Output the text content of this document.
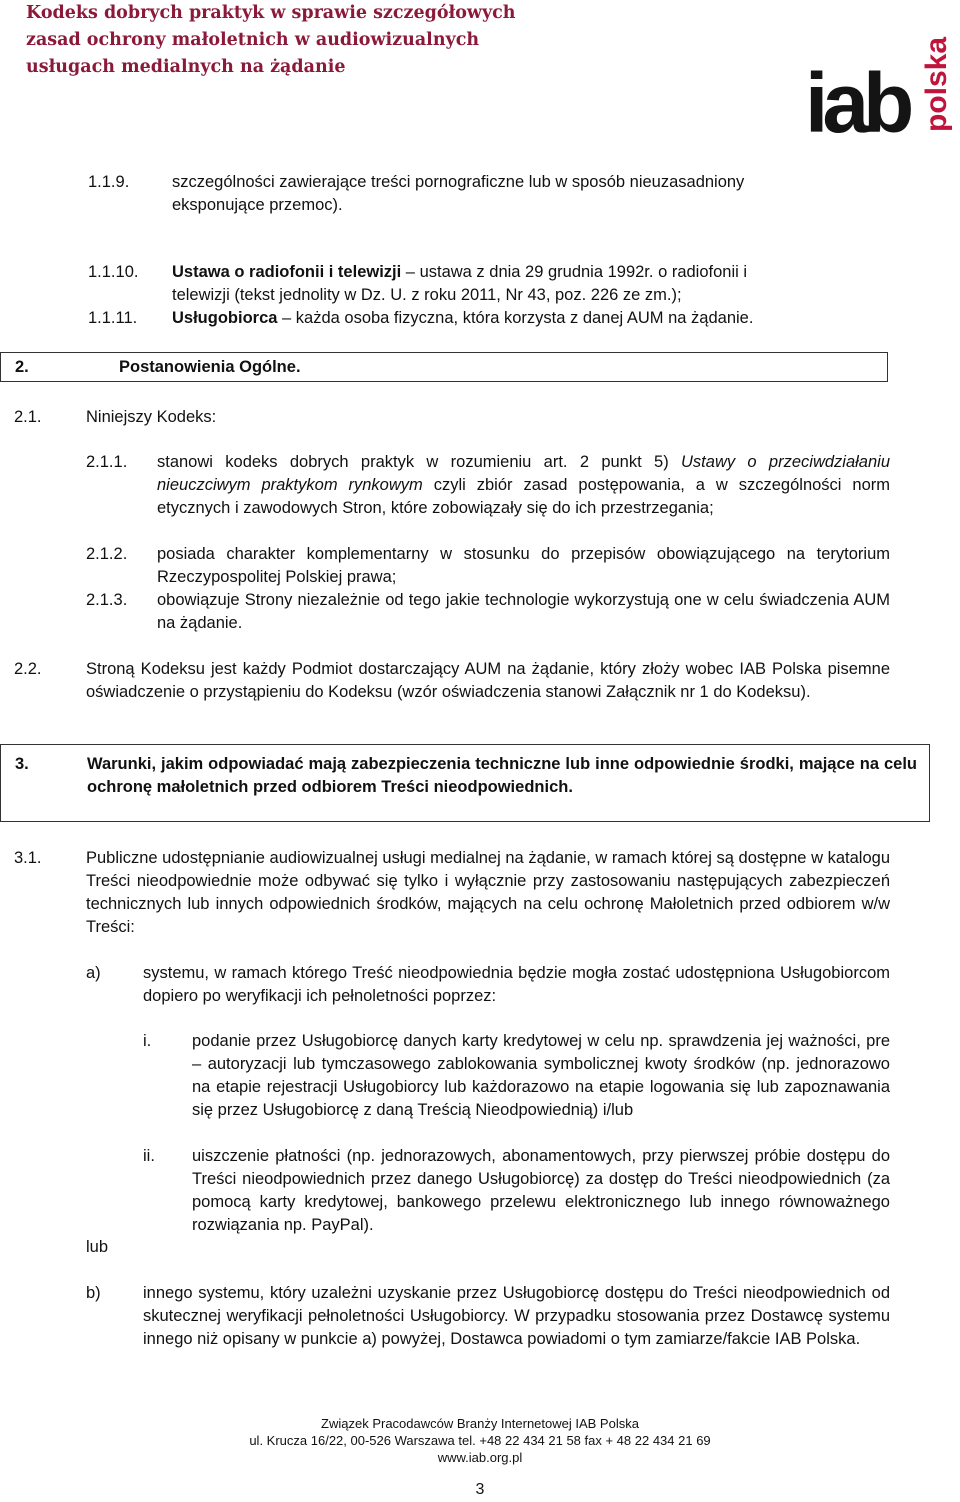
Kodeks dobrych praktyk w sprawie szczegółowych
zasad ochrony małoletnich w audiowizualnych
usługach medialnych na żądanie	iab polska
1.1.9.	szczególności zawierające treści pornograficzne lub w sposób nieuzasadniony
eksponujące przemoc).
1.1.10. Ustawa o radiofonii i telewizji – ustawa z dnia 29 grudnia 1992r. o radiofonii i
telewizji (tekst jednolity w Dz. U. z roku 2011, Nr 43, poz. 226 ze zm.);
1.1.11. Usługobiorca – każda osoba fizyczna, która korzysta z danej AUM na żądanie.
2.	Postanowienia Ogólne.
2.1.	Niniejszy Kodeks:
2.1.1. stanowi kodeks dobrych praktyk w rozumieniu art. 2 punkt 5) Ustawy o przeciwdziałaniu nieuczciwym praktykom rynkowym czyli zbiór zasad postępowania, a w szczególności norm etycznych i zawodowych Stron, które zobowiązały się do ich przestrzegania;
2.1.2. posiada charakter komplementarny w stosunku do przepisów obowiązującego na terytorium Rzeczypospolitej Polskiej prawa;
2.1.3. obowiązuje Strony niezależnie od tego jakie technologie wykorzystują one w celu świadczenia AUM na żądanie.
2.2.	Stroną Kodeksu jest każdy Podmiot dostarczający AUM na żądanie, który złoży wobec IAB Polska pisemne oświadczenie o przystąpieniu do Kodeksu (wzór oświadczenia stanowi Załącznik nr 1 do Kodeksu).
3.	Warunki, jakim odpowiadać mają zabezpieczenia techniczne lub inne odpowiednie środki, mające na celu ochronę małoletnich przed odbiorem Treści nieodpowiednich.
3.1.	Publiczne udostępnianie audiowizualnej usługi medialnej na żądanie, w ramach której są dostępne w katalogu Treści nieodpowiednie może odbywać się tylko i wyłącznie przy zastosowaniu następujących zabezpieczeń technicznych lub innych odpowiednich środków, mających na celu ochronę Małoletnich przed odbiorem w/w Treści:
a)	systemu, w ramach którego Treść nieodpowiednia będzie mogła zostać udostępniona Usługobiorcom dopiero po weryfikacji ich pełnoletności poprzez:
i. podanie przez Usługobiorcę danych karty kredytowej w celu np. sprawdzenia jej ważności, pre – autoryzacji lub tymczasowego zablokowania symbolicznej kwoty środków (np. jednorazowo na etapie rejestracji Usługobiorcy lub każdorazowo na etapie logowania się lub zapoznawania się przez Usługobiorcę z daną Treścią Nieodpowiednią) i/lub
ii. uiszczenie płatności (np. jednorazowych, abonamentowych, przy pierwszej próbie dostępu do Treści nieodpowiednich przez danego Usługobiorcę) za dostęp do Treści nieodpowiednich (za pomocą karty kredytowej, bankowego przelewu elektronicznego lub innego równoważnego rozwiązania np. PayPal).
lub
b)	innego systemu, który uzależni uzyskanie przez Usługobiorcę dostępu do Treści nieodpowiednich od skutecznej weryfikacji pełnoletności Usługobiorcy. W przypadku stosowania przez Dostawcę systemu innego niż opisany w punkcie a) powyżej, Dostawca powiadomi o tym zamiarze/fakcie IAB Polska.
Związek Pracodawców Branży Internetowej IAB Polska
ul. Krucza 16/22, 00-526 Warszawa tel. +48 22 434 21 58 fax + 48 22 434 21 69
www.iab.org.pl
3
